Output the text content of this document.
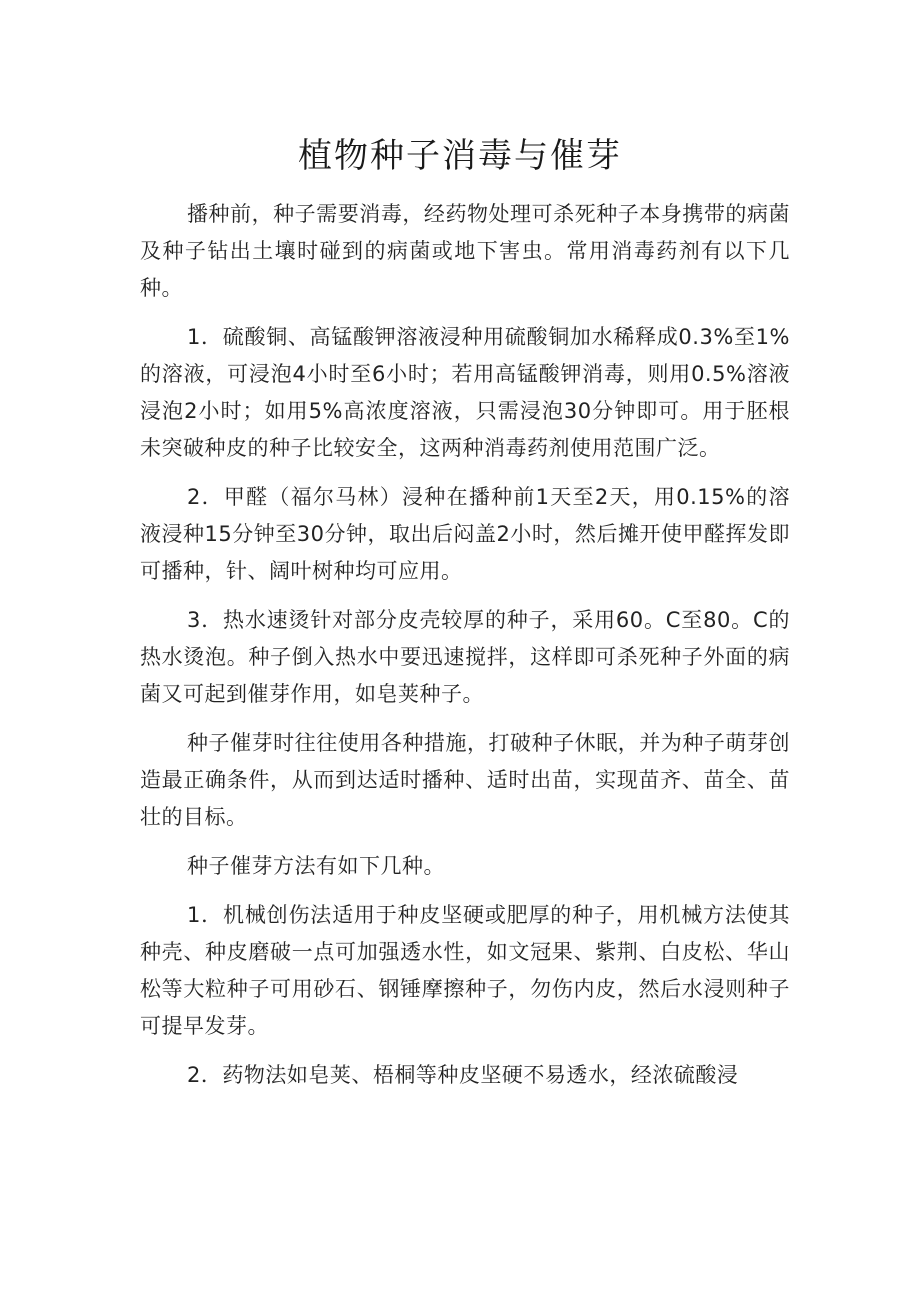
植物种子消毒与催芽

播种前，种子需要消毒，经药物处理可杀死种子本身携带的病菌及种子钻出土壤时碰到的病菌或地下害虫。常用消毒药剂有以下几种。

1．硫酸铜、高锰酸钾溶液浸种用硫酸铜加水稀释成0.3%至1%的溶液，可浸泡4小时至6小时；若用高锰酸钾消毒，则用0.5%溶液浸泡2小时；如用5%高浓度溶液，只需浸泡30分钟即可。用于胚根未突破种皮的种子比较安全，这两种消毒药剂使用范围广泛。

2．甲醛（福尔马林）浸种在播种前1天至2天，用0.15%的溶液浸种15分钟至30分钟，取出后闷盖2小时，然后摊开使甲醛挥发即可播种，针、阔叶树种均可应用。

3．热水速烫针对部分皮壳较厚的种子，采用60。C至80。C的热水烫泡。种子倒入热水中要迅速搅拌，这样即可杀死种子外面的病菌又可起到催芽作用，如皂荚种子。

种子催芽时往往使用各种措施，打破种子休眠，并为种子萌芽创造最正确条件，从而到达适时播种、适时出苗，实现苗齐、苗全、苗壮的目标。

种子催芽方法有如下几种。

1．机械创伤法适用于种皮坚硬或肥厚的种子，用机械方法使其种壳、种皮磨破一点可加强透水性，如文冠果、紫荆、白皮松、华山松等大粒种子可用砂石、钢锤摩擦种子，勿伤内皮，然后水浸则种子可提早发芽。

2．药物法如皂荚、梧桐等种皮坚硬不易透水，经浓硫酸浸
